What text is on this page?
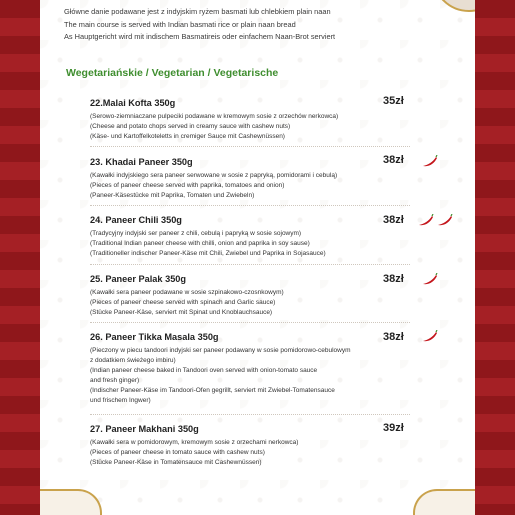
Główne danie podawane jest z indyjskim ryżem basmati lub chlebkiem plain naan
The main course is served with Indian basmati rice or plain naan bread
As Hauptgericht wird mit indischem Basmatireis oder einfachem Naan-Brot serviert
Wegetariańskie / Vegetarian / Vegetarische
22.Malai Kofta 350g
(Serowo-ziemniaczane pulpeciki podawane w kremowym sosie z orzechów nerkowca)
(Cheese and potato chops served in creamy sauce with cashew nuts)
(Käse- und Kartoffelkoteletts in cremiger Sauce mit Cashewnüssen)
35zł
23. Khadai Paneer 350g
(Kawałki indyjskiego sera paneer serwowane w sosie z papryką, pomidorami i cebulą)
(Pieces of paneer cheese served with paprika, tomatoes and onion)
(Paneer-Käsestücke mit Paprika, Tomaten und Zwiebeln)
38zł
24. Paneer Chili 350g
(Tradycyjny indyjski ser paneer z chili, cebulą i papryką w sosie sojowym)
(Traditional Indian paneer cheese with chilli, onion and paprika in soy sause)
(Traditioneller indischer Paneer-Käse mit Chili, Zwiebel und Paprika in Sojasauce)
38zł
25. Paneer Palak 350g
(Kawałki sera paneer podawane w sosie szpinakowo-czosnkowym)
(Pieces of paneer cheese served with spinach and Garlic sauce)
(Stücke Paneer-Käse, serviert mit Spinat und Knoblauchsauce)
38zł
26. Paneer Tikka Masala 350g
(Pieczony w piecu tandoori indyjski ser paneer podawany w sosie pomidorowo-cebulowym
z dodatkiem świeżego imbiru)
(Indian paneer cheese baked in Tandoori oven served with onion-tomato sauce
and fresh ginger)
(Indischer Paneer-Käse im Tandoori-Ofen gegrillt, serviert mit Zwiebel-Tomatensauce
und frischem Ingwer)
38zł
27. Paneer Makhani 350g
(Kawałki sera w pomidorowym, kremowym sosie z orzechami nerkowca)
(Pieces of paneer cheese in tomato sauce with cashew nuts)
(Stücke Paneer-Käse in Tomatensauce mit Cashewnüssen)
39zł
